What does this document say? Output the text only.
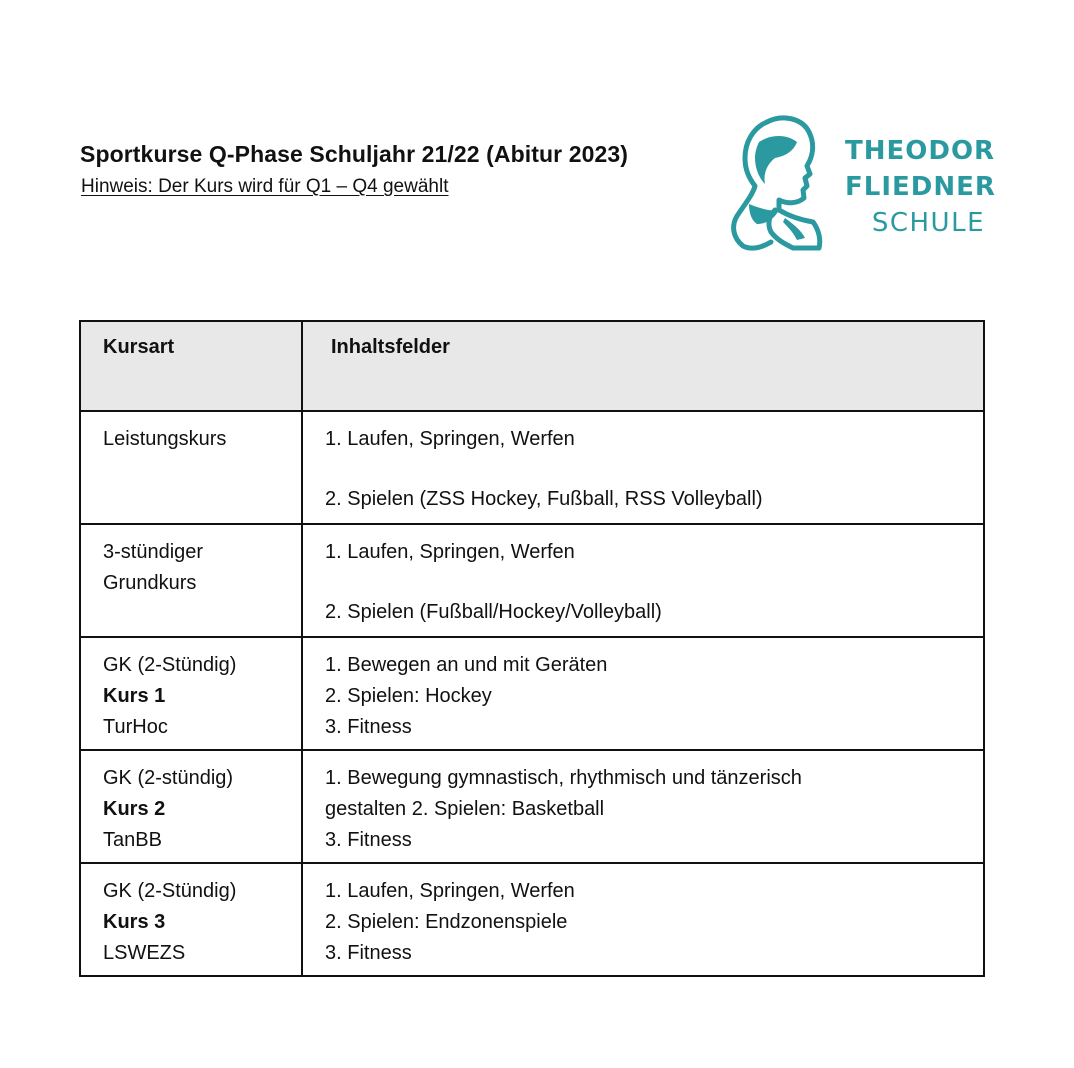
Sportkurse Q-Phase Schuljahr 21/22 (Abitur 2023)
Hinweis: Der Kurs wird für Q1 – Q4 gewählt
THEODOR
FLIEDNER
SCHULE
Kursart	Inhaltsfelder

Leistungskurs	1. Laufen, Springen, Werfen
2. Spielen (ZSS Hockey, Fußball, RSS Volleyball)

3-stündiger
Grundkurs	1. Laufen, Springen, Werfen
2. Spielen (Fußball/Hockey/Volleyball)

GK (2-Stündig)
Kurs 1
TurHoc	1. Bewegen an und mit Geräten
2. Spielen: Hockey
3. Fitness

GK (2-stündig)
Kurs 2
TanBB	1. Bewegung gymnastisch, rhythmisch und tänzerisch
gestalten 2. Spielen: Basketball
3. Fitness

GK (2-Stündig)
Kurs 3
LSWEZS	1. Laufen, Springen, Werfen
2. Spielen: Endzonenspiele
3. Fitness
